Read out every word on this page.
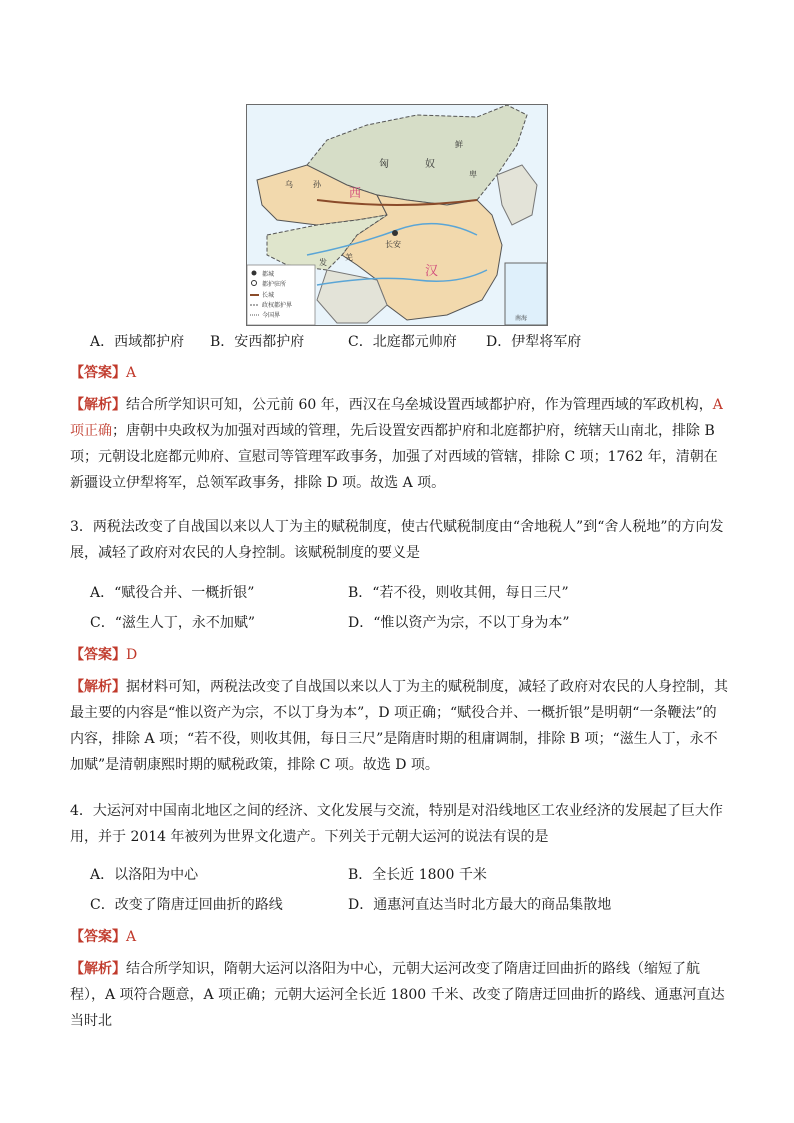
匈	奴
鲜
卑
乌	孙
西
长安
汉
羌
发
南海
都城
都护驻所
长城
政权都护界
今国界
A．西域都护府 B．安西都护府	C．北庭都元帅府 D．伊犁将军府
【答案】A
【解析】结合所学知识可知，公元前 60 年，西汉在乌垒城设置西域都护府，作为管理西域的军政机构，A 项正确；唐朝中央政权为加强对西域的管理，先后设置安西都护府和北庭都护府，统辖天山南北，排除 B 项；元朝设北庭都元帅府、宣慰司等管理军政事务，加强了对西域的管辖，排除 C 项；1762 年，清朝在新疆设立伊犁将军，总领军政事务，排除 D 项。故选 A 项。
3．两税法改变了自战国以来以人丁为主的赋税制度，使古代赋税制度由“舍地税人”到“舍人税地”的方向发展，减轻了政府对农民的人身控制。该赋税制度的要义是
A．“赋役合并、一概折银”	B．“若不役，则收其佣，每日三尺”
C．“滋生人丁，永不加赋”	D．“惟以资产为宗，不以丁身为本”
【答案】D
【解析】据材料可知，两税法改变了自战国以来以人丁为主的赋税制度，减轻了政府对农民的人身控制，其最主要的内容是“惟以资产为宗，不以丁身为本”，D 项正确；“赋役合并、一概折银”是明朝“一条鞭法”的内容，排除 A 项；“若不役，则收其佣，每日三尺”是隋唐时期的租庸调制，排除 B 项；“滋生人丁，永不加赋”是清朝康熙时期的赋税政策，排除 C 项。故选 D 项。
4．大运河对中国南北地区之间的经济、文化发展与交流，特别是对沿线地区工农业经济的发展起了巨大作用，并于 2014 年被列为世界文化遗产。下列关于元朝大运河的说法有误的是
A．以洛阳为中心	B．全长近 1800 千米
C．改变了隋唐迂回曲折的路线	D．通惠河直达当时北方最大的商品集散地
【答案】A
【解析】结合所学知识，隋朝大运河以洛阳为中心，元朝大运河改变了隋唐迂回曲折的路线（缩短了航程），A 项符合题意，A 项正确；元朝大运河全长近 1800 千米、改变了隋唐迂回曲折的路线、通惠河直达当时北
